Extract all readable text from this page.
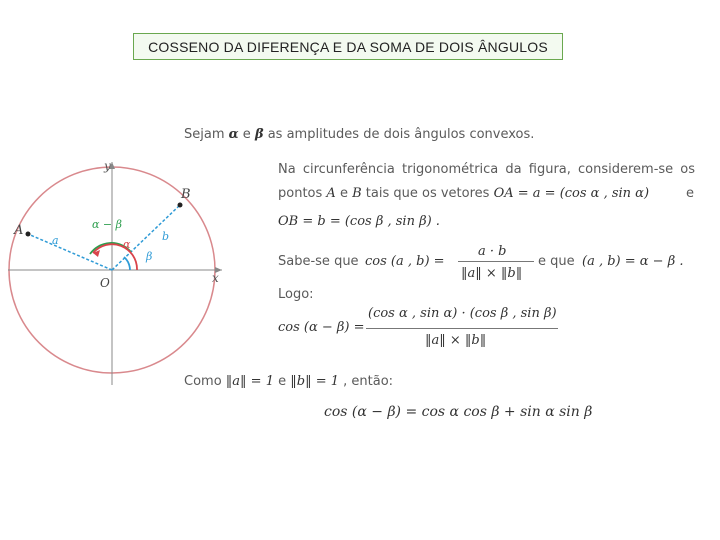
COSSENO DA DIFERENÇA E DA SOMA DE DOIS ÂNGULOS
y
x
B
A
O
a	b
α − β
α
β
Sejam α e β as amplitudes de dois ângulos convexos.
Na circunferência trigonométrica da figura, considerem-se os
pontos A e B tais que os vetores OA = a = (cos α , sin α)	e
OB = b = (cos β , sin β) .
Sabe-se que cos (a , b) =
a · b
‖a‖ × ‖b‖
e que (a , b) = α − β .
Logo:
cos (α − β) =
(cos α , sin α) · (cos β , sin β)
‖a‖ × ‖b‖
Como ‖a‖ = 1 e ‖b‖ = 1 , então:
cos (α − β) = cos α cos β + sin α sin β
